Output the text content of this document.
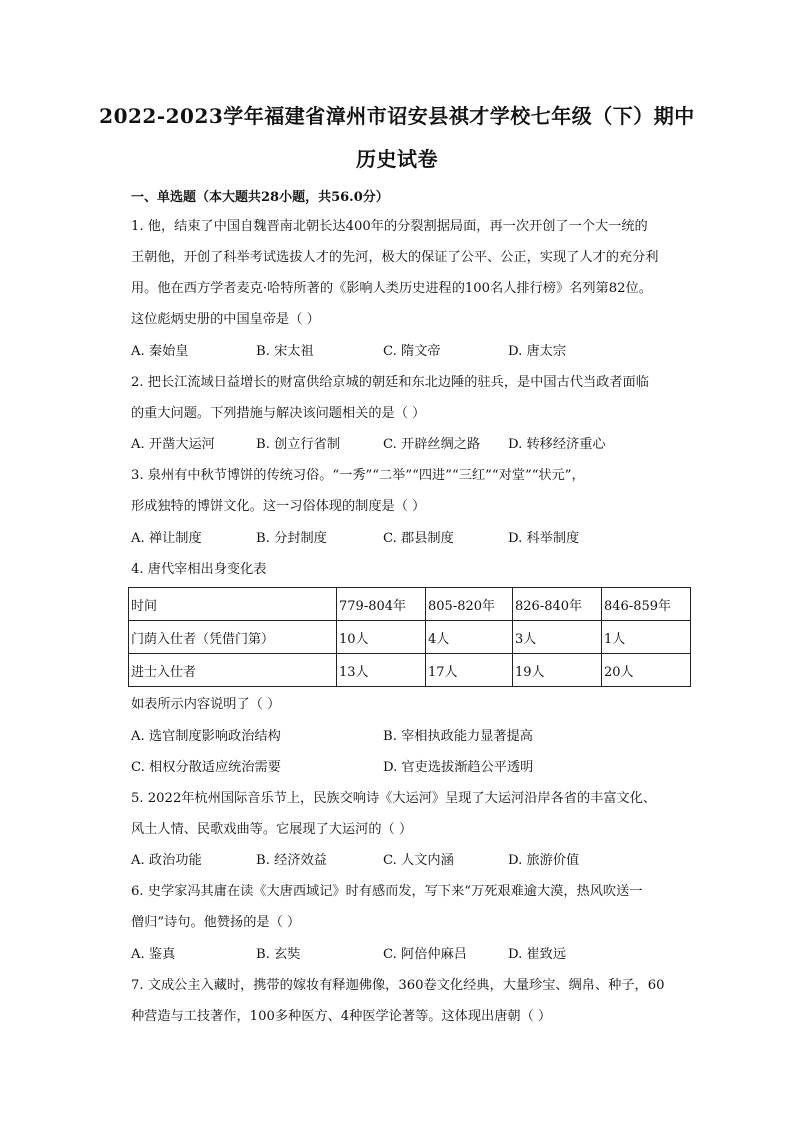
2022-2023学年福建省漳州市诏安县祺才学校七年级（下）期中
历史试卷
一、单选题（本大题共28小题，共56.0分）
1. 他，结束了中国自魏晋南北朝长达400年的分裂割据局面，再一次开创了一个大一统的
王朝他，开创了科举考试选拔人才的先河，极大的保证了公平、公正，实现了人才的充分利
用。他在西方学者麦克·哈特所著的《影响人类历史进程的100名人排行榜》名列第82位。
这位彪炳史册的中国皇帝是（ ）
A. 秦始皇	B. 宋太祖	C. 隋文帝	D. 唐太宗
2. 把长江流域日益增长的财富供给京城的朝廷和东北边陲的驻兵，是中国古代当政者面临
的重大问题。下列措施与解决该问题相关的是（ ）
A. 开凿大运河	B. 创立行省制	C. 开辟丝绸之路 D. 转移经济重心
3. 泉州有中秋节博饼的传统习俗。“一秀”“二举”“四进”“三红”“对堂”“状元”，
形成独特的博饼文化。这一习俗体现的制度是（ ）
A. 禅让制度	B. 分封制度	C. 郡县制度	D. 科举制度
4. 唐代宰相出身变化表
时间	779-804年	805-820年	826-840年	846-859年
门荫入仕者（凭借门第）	10人	4人	3人	1人
进士入仕者	13人	17人	19人	20人
如表所示内容说明了（ ）
A. 选官制度影响政治结构	B. 宰相执政能力显著提高
C. 相权分散适应统治需要	D. 官吏选拔渐趋公平透明
5. 2022年杭州国际音乐节上，民族交响诗《大运河》呈现了大运河沿岸各省的丰富文化、
风土人情、民歌戏曲等。它展现了大运河的（ ）
A. 政治功能	B. 经济效益	C. 人文内涵	D. 旅游价值
6. 史学家冯其庸在读《大唐西域记》时有感而发，写下来“万死艰难逾大漠，热风吹送一
僧归”诗句。他赞扬的是（ ）
A. 鉴真	B. 玄奘	C. 阿倍仲麻吕	D. 崔致远
7. 文成公主入藏时，携带的嫁妆有释迦佛像，360卷文化经典，大量珍宝、绸帛、种子，60
种营造与工技著作，100多种医方、4种医学论著等。这体现出唐朝（ ）
